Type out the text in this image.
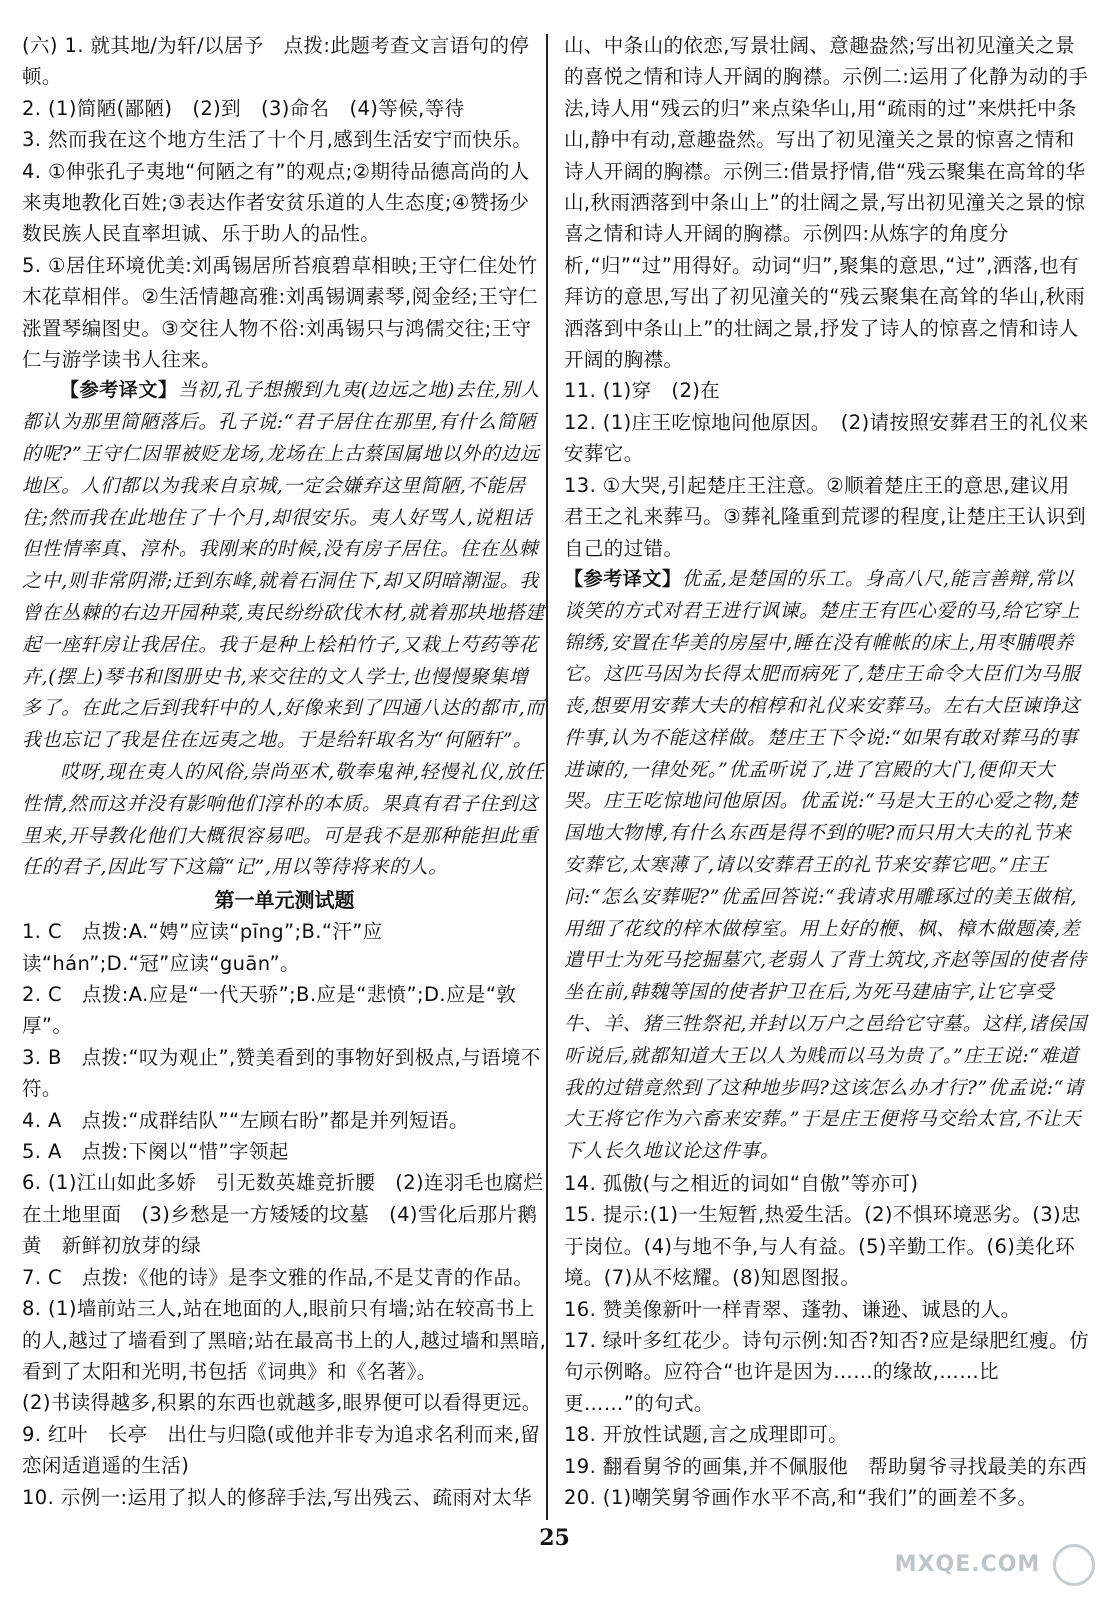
(六) 1. 就其地/为轩/以居予　点拨:此题考查文言语句的停顿。

2. (1)简陋(鄙陋)　(2)到　(3)命名　(4)等候,等待

3. 然而我在这个地方生活了十个月,感到生活安宁而快乐。

4. ①伸张孔子夷地“何陋之有”的观点;②期待品德高尚的人来夷地教化百姓;③表达作者安贫乐道的人生态度;④赞扬少数民族人民直率坦诚、乐于助人的品性。

5. ①居住环境优美:刘禹锡居所苔痕碧草相映;王守仁住处竹木花草相伴。②生活情趣高雅:刘禹锡调素琴,阅金经;王守仁涨置琴编图史。③交往人物不俗:刘禹锡只与鸿儒交往;王守仁与游学读书人往来。

【参考译文】当初,孔子想搬到九夷(边远之地)去住,别人都认为那里简陋落后。孔子说:“君子居住在那里,有什么简陋的呢?”王守仁因罪被贬龙场,龙场在上古蔡国属地以外的边远地区。人们都以为我来自京城,一定会嫌弃这里简陋,不能居住;然而我在此地住了十个月,却很安乐。夷人好骂人,说粗话但性情率真、淳朴。我刚来的时候,没有房子居住。住在丛棘之中,则非常阴滞;迁到东峰,就着石洞住下,却又阴暗潮湿。我曾在丛棘的右边开园种菜,夷民纷纷砍伐木材,就着那块地搭建起一座轩房让我居住。我于是种上桧柏竹子,又栽上芍药等花卉,(摆上)琴书和图册史书,来交往的文人学士,也慢慢聚集增多了。在此之后到我轩中的人,好像来到了四通八达的都市,而我也忘记了我是住在远夷之地。于是给轩取名为“何陋轩”。

哎呀,现在夷人的风俗,崇尚巫术,敬奉鬼神,轻慢礼仪,放任性情,然而这并没有影响他们淳朴的本质。果真有君子住到这里来,开导教化他们大概很容易吧。可是我不是那种能担此重任的君子,因此写下这篇“记”,用以等待将来的人。

第一单元测试题

1. C　点拨:A.“娉”应读“pīng”;B.“汗”应读“hán”;D.“冠”应读“guān”。

2. C　点拨:A.应是“一代天骄”;B.应是“悲愤”;D.应是“敦厚”。

3. B　点拨:“叹为观止”,赞美看到的事物好到极点,与语境不符。

4. A　点拨:“成群结队”“左顾右盼”都是并列短语。

5. A　点拨:下阕以“惜”字领起

6. (1)江山如此多娇　引无数英雄竞折腰　(2)连羽毛也腐烂在土地里面　(3)乡愁是一方矮矮的坟墓　(4)雪化后那片鹅黄　新鲜初放芽的绿

7. C　点拨:《他的诗》是李文雅的作品,不是艾青的作品。

8. (1)墙前站三人,站在地面的人,眼前只有墙;站在较高书上的人,越过了墙看到了黑暗;站在最高书上的人,越过墙和黑暗,看到了太阳和光明,书包括《词典》和《名著》。

(2)书读得越多,积累的东西也就越多,眼界便可以看得更远。

9. 红叶　长亭　出仕与归隐(或他并非专为追求名利而来,留恋闲适逍遥的生活)

10. 示例一:运用了拟人的修辞手法,写出残云、疏雨对太华

山、中条山的依恋,写景壮阔、意趣盎然;写出初见潼关之景的喜悦之情和诗人开阔的胸襟。示例二:运用了化静为动的手法,诗人用“残云的归”来点染华山,用“疏雨的过”来烘托中条山,静中有动,意趣盎然。写出了初见潼关之景的惊喜之情和诗人开阔的胸襟。示例三:借景抒情,借“残云聚集在高耸的华山,秋雨洒落到中条山上”的壮阔之景,写出初见潼关之景的惊喜之情和诗人开阔的胸襟。示例四:从炼字的角度分析,“归”“过”用得好。动词“归”,聚集的意思,“过”,洒落,也有拜访的意思,写出了初见潼关的“残云聚集在高耸的华山,秋雨洒落到中条山上”的壮阔之景,抒发了诗人的惊喜之情和诗人开阔的胸襟。

11. (1)穿　(2)在

12. (1)庄王吃惊地问他原因。　(2)请按照安葬君王的礼仪来安葬它。

13. ①大哭,引起楚庄王注意。②顺着楚庄王的意思,建议用君王之礼来葬马。③葬礼隆重到荒谬的程度,让楚庄王认识到自己的过错。

【参考译文】优孟,是楚国的乐工。身高八尺,能言善辩,常以谈笑的方式对君王进行讽谏。楚庄王有匹心爱的马,给它穿上锦绣,安置在华美的房屋中,睡在没有帷帐的床上,用枣脯喂养它。这匹马因为长得太肥而病死了,楚庄王命令大臣们为马服丧,想要用安葬大夫的棺椁和礼仪来安葬马。左右大臣谏诤这件事,认为不能这样做。楚庄王下令说:“如果有敢对葬马的事进谏的,一律处死。”优孟听说了,进了宫殿的大门,便仰天大哭。庄王吃惊地问他原因。优孟说:“马是大王的心爱之物,楚国地大物博,有什么东西是得不到的呢?而只用大夫的礼节来安葬它,太寒薄了,请以安葬君王的礼节来安葬它吧。”庄王问:“怎么安葬呢?”优孟回答说:“我请求用雕琢过的美玉做棺,用细了花纹的梓木做椁室。用上好的楩、枫、樟木做题凑,差遣甲士为死马挖掘墓穴,老弱人了背土筑坟,齐赵等国的使者侍坐在前,韩魏等国的使者护卫在后,为死马建庙宇,让它享受牛、羊、猪三牲祭祀,并封以万户之邑给它守墓。这样,诸侯国听说后,就都知道大王以人为贱而以马为贵了。”庄王说:“难道我的过错竟然到了这种地步吗?这该怎么办才行?”优孟说:“请大王将它作为六畜来安葬。”于是庄王便将马交给太官,不让天下人长久地议论这件事。

14. 孤傲(与之相近的词如“自傲”等亦可)

15. 提示:(1)一生短暂,热爱生活。(2)不惧环境恶劣。(3)忠于岗位。(4)与地不争,与人有益。(5)辛勤工作。(6)美化环境。(7)从不炫耀。(8)知恩图报。

16. 赞美像新叶一样青翠、蓬勃、谦逊、诚恳的人。

17. 绿叶多红花少。诗句示例:知否?知否?应是绿肥红瘦。仿句示例略。应符合“也许是因为……的缘故,……比更……”的句式。

18. 开放性试题,言之成理即可。

19. 翻看舅爷的画集,并不佩服他　帮助舅爷寻找最美的东西

20. (1)嘲笑舅爷画作水平不高,和“我们”的画差不多。

25
MXQE.COM
